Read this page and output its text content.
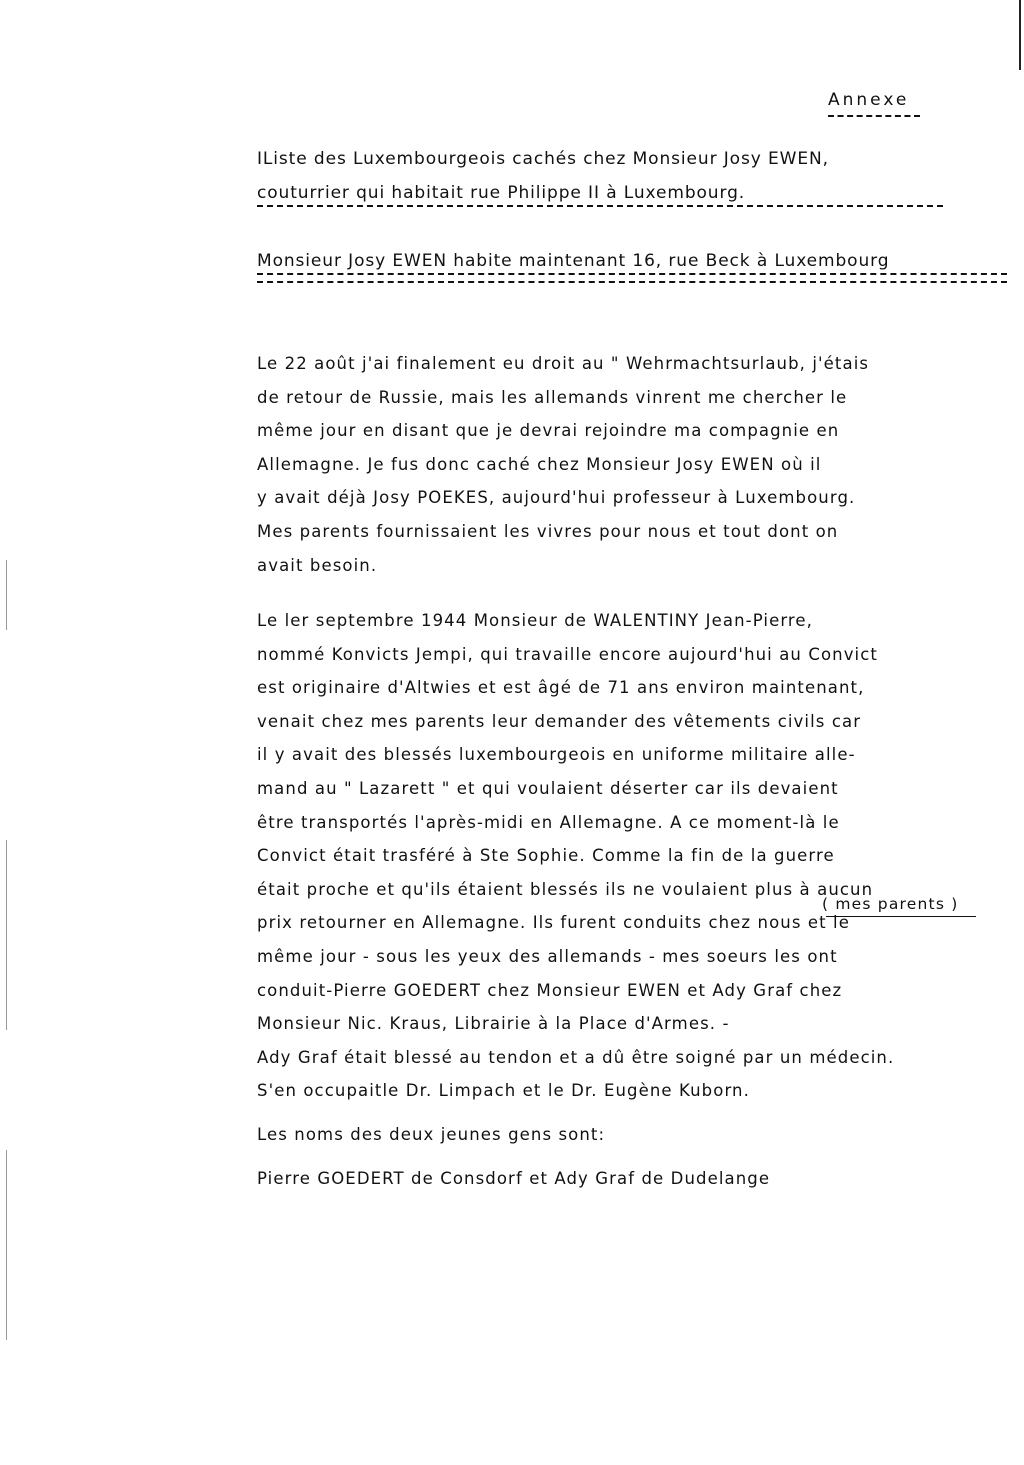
Annexe
IListe des Luxembourgeois cachés chez Monsieur Josy EWEN,
couturrier qui habitait rue Philippe II à Luxembourg.
Monsieur Josy EWEN habite maintenant 16, rue Beck à Luxembourg
Le 22 août j'ai finalement eu droit au " Wehrmachtsurlaub, j'étais
de retour de Russie, mais les allemands vinrent me chercher le
même jour en disant que je devrai rejoindre ma compagnie en
Allemagne. Je fus donc caché chez Monsieur Josy EWEN où il
y avait déjà Josy POEKES, aujourd'hui professeur à Luxembourg.
Mes parents fournissaient les vivres pour nous et tout dont on
avait besoin.
Le ler septembre 1944 Monsieur de WALENTINY Jean-Pierre,
nommé Konvicts Jempi, qui travaille encore aujourd'hui au Convict
est originaire d'Altwies et est âgé de 71 ans environ maintenant,
venait chez mes parents leur demander des vêtements civils car
il y avait des blessés luxembourgeois en uniforme militaire alle-
mand au " Lazarett " et qui voulaient déserter car ils devaient
être transportés l'après-midi en Allemagne. A ce moment-là le
Convict était trasféré à Ste Sophie. Comme la fin de la guerre
était proche et qu'ils étaient blessés ils ne voulaient plus à aucun
prix retourner en Allemagne. Ils furent conduits chez nous et le
même jour - sous les yeux des allemands - mes soeurs les ont
conduit-Pierre GOEDERT chez Monsieur EWEN et Ady Graf chez
Monsieur Nic. Kraus, Librairie à la Place d'Armes. -
Ady Graf était blessé au tendon et a dû être soigné par un médecin.
S'en occupaitle Dr. Limpach et le Dr. Eugène Kuborn.
( mes parents )
Les noms des deux jeunes gens sont:
Pierre GOEDERT de Consdorf et Ady Graf de Dudelange
